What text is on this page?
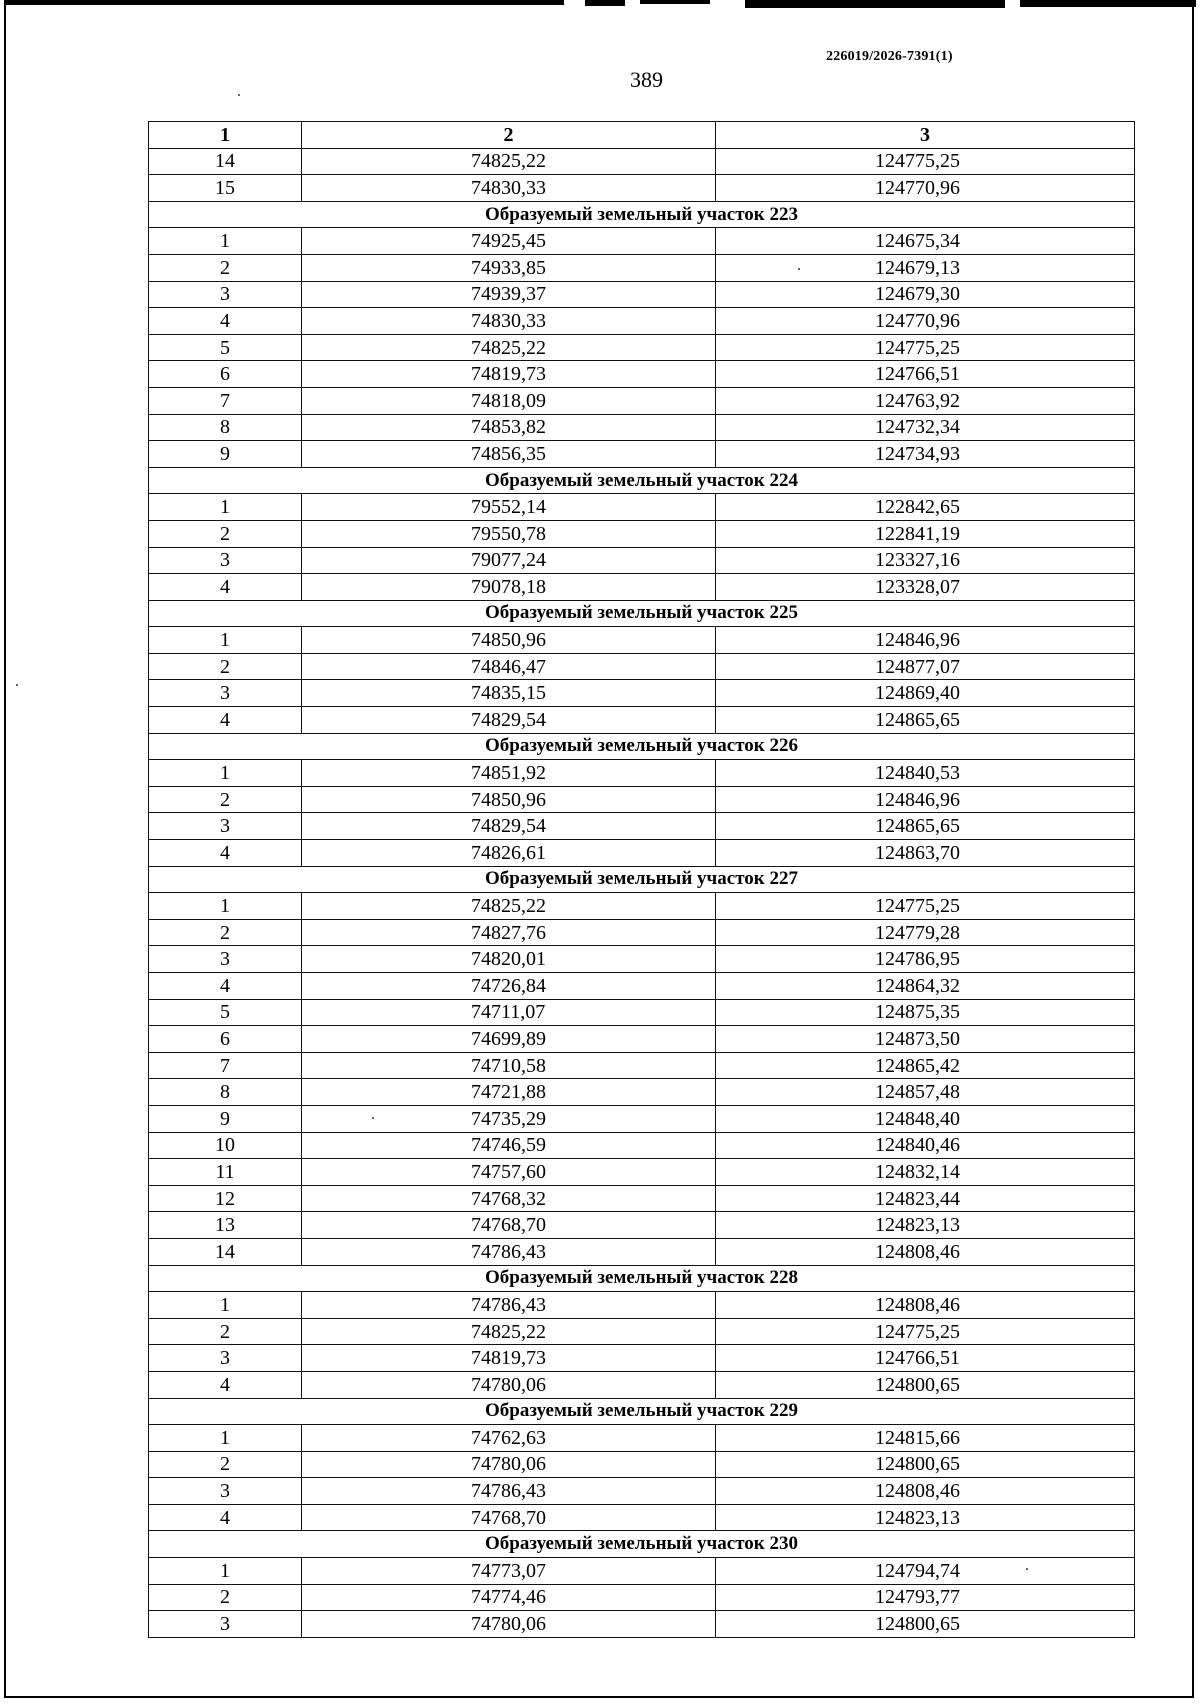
226019/2026-7391(1)
389
1	2	3
14	74825,22	124775,25
15	74830,33	124770,96
Образуемый земельный участок 223		
1	74925,45	124675,34
2	74933,85	124679,13
3	74939,37	124679,30
4	74830,33	124770,96
5	74825,22	124775,25
6	74819,73	124766,51
7	74818,09	124763,92
8	74853,82	124732,34
9	74856,35	124734,93
Образуемый земельный участок 224		
1	79552,14	122842,65
2	79550,78	122841,19
3	79077,24	123327,16
4	79078,18	123328,07
Образуемый земельный участок 225		
1	74850,96	124846,96
2	74846,47	124877,07
3	74835,15	124869,40
4	74829,54	124865,65
Образуемый земельный участок 226		
1	74851,92	124840,53
2	74850,96	124846,96
3	74829,54	124865,65
4	74826,61	124863,70
Образуемый земельный участок 227		
1	74825,22	124775,25
2	74827,76	124779,28
3	74820,01	124786,95
4	74726,84	124864,32
5	74711,07	124875,35
6	74699,89	124873,50
7	74710,58	124865,42
8	74721,88	124857,48
9	74735,29	124848,40
10	74746,59	124840,46
11	74757,60	124832,14
12	74768,32	124823,44
13	74768,70	124823,13
14	74786,43	124808,46
Образуемый земельный участок 228		
1	74786,43	124808,46
2	74825,22	124775,25
3	74819,73	124766,51
4	74780,06	124800,65
Образуемый земельный участок 229		
1	74762,63	124815,66
2	74780,06	124800,65
3	74786,43	124808,46
4	74768,70	124823,13
Образуемый земельный участок 230		
1	74773,07	124794,74
2	74774,46	124793,77
3	74780,06	124800,65
